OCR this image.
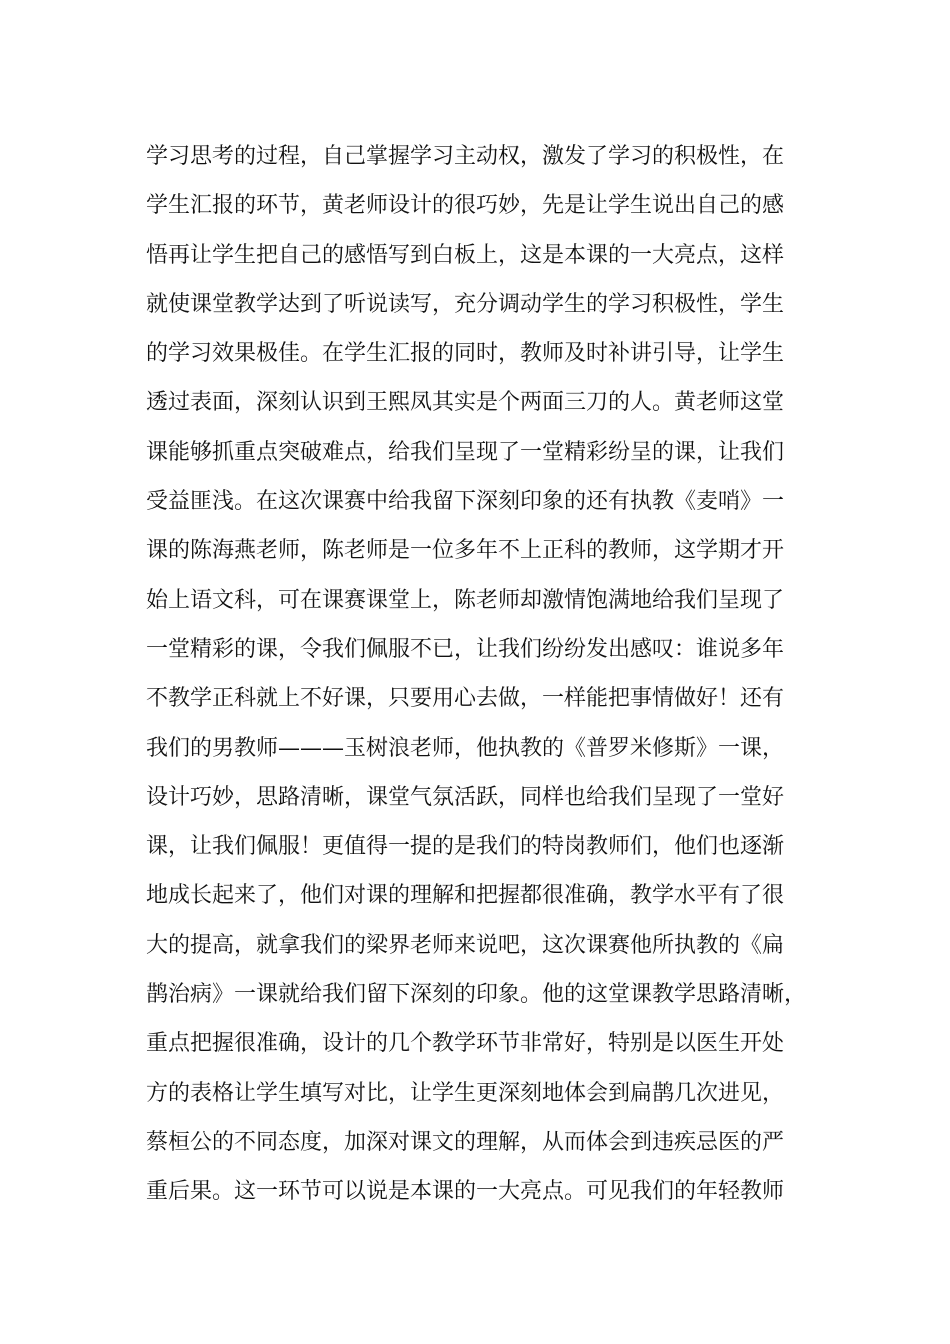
学习思考的过程，自己掌握学习主动权，激发了学习的积极性，在
学生汇报的环节，黄老师设计的很巧妙，先是让学生说出自己的感
悟再让学生把自己的感悟写到白板上，这是本课的一大亮点，这样
就使课堂教学达到了听说读写，充分调动学生的学习积极性，学生
的学习效果极佳。在学生汇报的同时，教师及时补讲引导，让学生
透过表面，深刻认识到王熙凤其实是个两面三刀的人。黄老师这堂
课能够抓重点突破难点，给我们呈现了一堂精彩纷呈的课，让我们
受益匪浅。在这次课赛中给我留下深刻印象的还有执教《麦哨》一
课的陈海燕老师，陈老师是一位多年不上正科的教师，这学期才开
始上语文科，可在课赛课堂上，陈老师却激情饱满地给我们呈现了
一堂精彩的课，令我们佩服不已，让我们纷纷发出感叹：谁说多年
不教学正科就上不好课，只要用心去做，一样能把事情做好！还有
我们的男教师———玉树浪老师，他执教的《普罗米修斯》一课，
设计巧妙，思路清晰，课堂气氛活跃，同样也给我们呈现了一堂好
课，让我们佩服！更值得一提的是我们的特岗教师们，他们也逐渐
地成长起来了，他们对课的理解和把握都很准确，教学水平有了很
大的提高，就拿我们的梁界老师来说吧，这次课赛他所执教的《扁
鹊治病》一课就给我们留下深刻的印象。他的这堂课教学思路清晰，
重点把握很准确，设计的几个教学环节非常好，特别是以医生开处
方的表格让学生填写对比，让学生更深刻地体会到扁鹊几次进见，
蔡桓公的不同态度，加深对课文的理解，从而体会到违疾忌医的严
重后果。这一环节可以说是本课的一大亮点。可见我们的年轻教师
